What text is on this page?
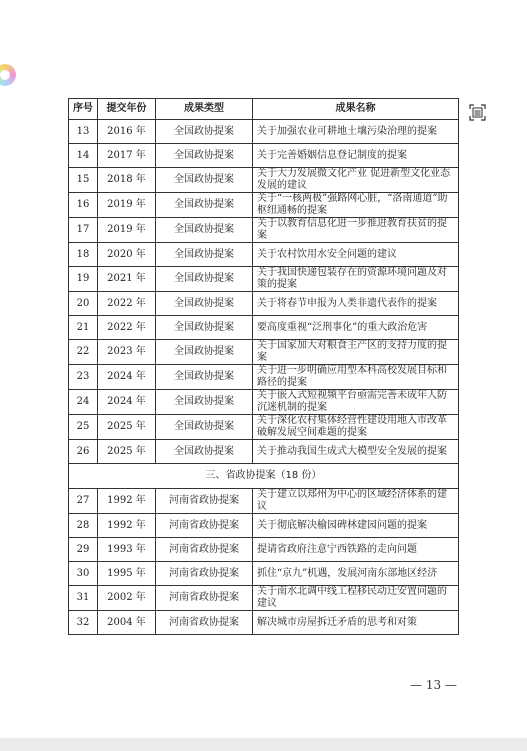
序号	提交年份	成果类型	成果名称
13	2016 年	全国政协提案	关于加强农业可耕地土壤污染治理的提案
14	2017 年	全国政协提案	关于完善婚姻信息登记制度的提案
15	2018 年	全国政协提案	关于大力发展微文化产业 促进新型文化业态发展的建议
16	2019 年	全国政协提案	关于“一核两极”强路网心脏，“洛南通道”助枢纽通畅的提案
17	2019 年	全国政协提案	关于以教育信息化进一步推进教育扶贫的提案
18	2020 年	全国政协提案	关于农村饮用水安全问题的建议
19	2021 年	全国政协提案	关于我国快递包装存在的资源环境问题及对策的提案
20	2022 年	全国政协提案	关于将春节申报为人类非遗代表作的提案
21	2022 年	全国政协提案	要高度重视“泛刑事化”的重大政治危害
22	2023 年	全国政协提案	关于国家加大对粮食主产区的支持力度的提案
23	2024 年	全国政协提案	关于进一步明确应用型本科高校发展目标和路径的提案
24	2024 年	全国政协提案	关于嵌入式短视频平台亟需完善未成年人防沉迷机制的提案
25	2025 年	全国政协提案	关于深化农村集体经营性建设用地入市改革破解发展空间难题的提案
26	2025 年	全国政协提案	关于推动我国生成式大模型安全发展的提案
三、省政协提案（18 份）			
27	1992 年	河南省政协提案	关于建立以郑州为中心的区域经济体系的建议
28	1992 年	河南省政协提案	关于彻底解决榆园碑林建园问题的提案
29	1993 年	河南省政协提案	提请省政府注意宁西铁路的走向问题
30	1995 年	河南省政协提案	抓住“京九”机遇，发展河南东部地区经济
31	2002 年	河南省政协提案	关于南水北调中线工程移民动迁安置问题的建议
32	2004 年	河南省政协提案	解决城市房屋拆迁矛盾的思考和对策
— 13 —
